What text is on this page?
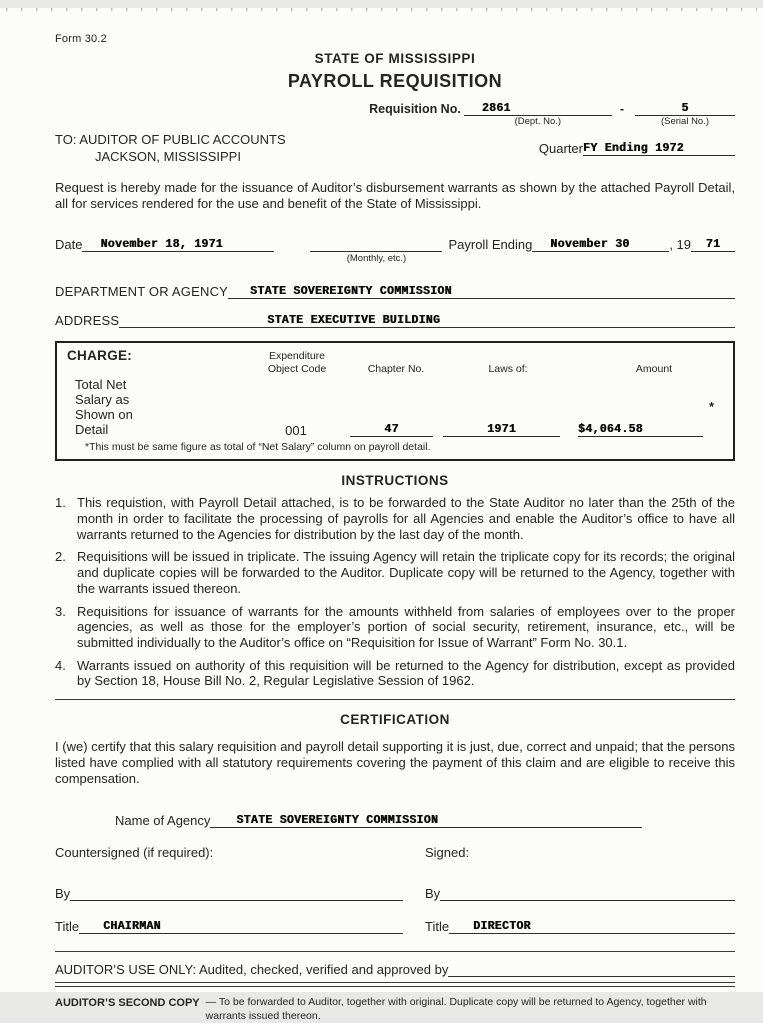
Form 30.2
STATE OF MISSISSIPPI
PAYROLL REQUISITION
Requisition No.	2861
(Dept. No.)
-	5
(Serial No.)
TO: AUDITOR OF PUBLIC ACCOUNTS
JACKSON, MISSISSIPPI
Quarter FY Ending 1972

Request is hereby made for the issuance of Auditor’s disbursement warrants as shown by the attached Payroll Detail, all for services rendered for the use and benefit of the State of Mississippi.

Date	November 18, 1971
(Monthly, etc.)
Payroll Ending	November 30	, 19 71
DEPARTMENT OR AGENCY STATE SOVEREIGNTY COMMISSION
ADDRESS	STATE EXECUTIVE BUILDING
CHARGE:	Expenditure
Object Code	Chapter No.	Laws of:	Amount
Total Net
Salary as
Shown on
Detail	001	47	1971	$4,064.58
*
*This must be same figure as total of “Net Salary” column on payroll detail.
INSTRUCTIONS
1. This requistion, with Payroll Detail attached, is to be forwarded to the State Auditor no later than the 25th of the month in order to facilitate the processing of payrolls for all Agencies and enable the Auditor’s office to have all warrants returned to the Agencies for distribution by the last day of the month.
2. Requisitions will be issued in triplicate. The issuing Agency will retain the triplicate copy for its records; the original and duplicate copies will be forwarded to the Auditor. Duplicate copy will be returned to the Agency, together with the warrants issued thereon.
3. Requisitions for issuance of warrants for the amounts withheld from salaries of employees over to the proper agencies, as well as those for the employer’s portion of social security, retirement, insurance, etc., will be submitted individually to the Auditor’s office on “Requisition for Issue of Warrant” Form No. 30.1.
4. Warrants issued on authority of this requisition will be returned to the Agency for distribution, except as provided by Section 18, House Bill No. 2, Regular Legislative Session of 1962.
CERTIFICATION

I (we) certify that this salary requisition and payroll detail supporting it is just, due, correct and unpaid; that the persons listed have complied with all statutory requirements covering the payment of this claim and are eligible to receive this compensation.

Name of Agency STATE SOVEREIGNTY COMMISSION
Countersigned (if required):
By
Title CHAIRMAN
Signed:
By
Title DIRECTOR
AUDITOR’S USE ONLY: Audited, checked, verified and approved by
AUDITOR’S SECOND COPY — To be forwarded to Auditor, together with original. Duplicate copy will be returned to Agency, together with warrants issued thereon.
